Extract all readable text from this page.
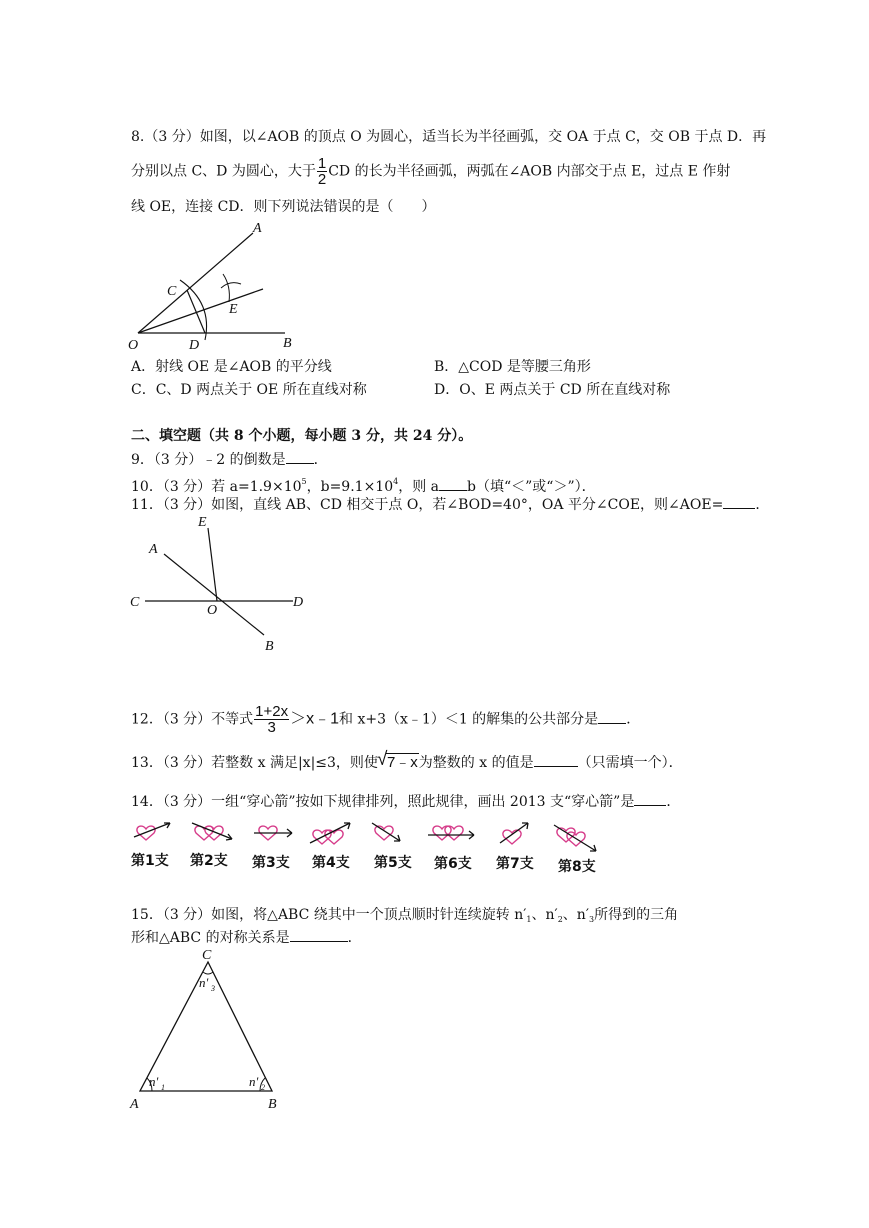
8.（3 分）如图，以∠AOB 的顶点 O 为圆心，适当长为半径画弧，交 OA 于点 C，交 OB 于点 D．再
分别以点 C、D 为圆心，大于 $\frac{1}{2}$ CD 的长为半径画弧，两弧在∠AOB 内部交于点 E，过点 E 作射
线 OE，连接 CD．则下列说法错误的是（　　）
A
C
E
O	D	B
A．射线 OE 是∠AOB 的平分线	B．△COD 是等腰三角形
C．C、D 两点关于 OE 所在直线对称	D．O、E 两点关于 CD 所在直线对称
二、填空题（共 8 个小题，每小题 3 分，共 24 分）。
9．（3 分）﹣2 的倒数是 ．
10．（3 分）若 $a=1.9\times 10^5$，$b=9.1\times 10^4$，则 a b（填“＜”或“＞”）．
11．（3 分）如图，直线 AB、CD 相交于点 O，若∠BOD=40°，OA 平分∠COE，则∠AOE= ．
E
A
C
O
D
B
12．（3 分）不等式 $\frac{1+2x}{3}$ ＞x﹣1和 x+3（x﹣1）＜1 的解集的公共部分是 ．
13．（3 分）若整数 x 满足|x|≤3，则使 √ 7﹣x为整数的 x 的值是	（只需填一个）．
14．（3 分）一组“穿心箭”按如下规律排列，照此规律，画出 2013 支“穿心箭”是 ．
第1支 第2支 第3支 第4支 第5支 第6支 第7支 第8支
15．（3 分）如图，将△ABC 绕其中一个顶点顺时针连续旋转 $n'_1$、$n'_2$、$n'_3$所得到的三角
形和△ABC 的对称关系是	．
C
n′ 3
n′ 1	n′ 2
A	B
